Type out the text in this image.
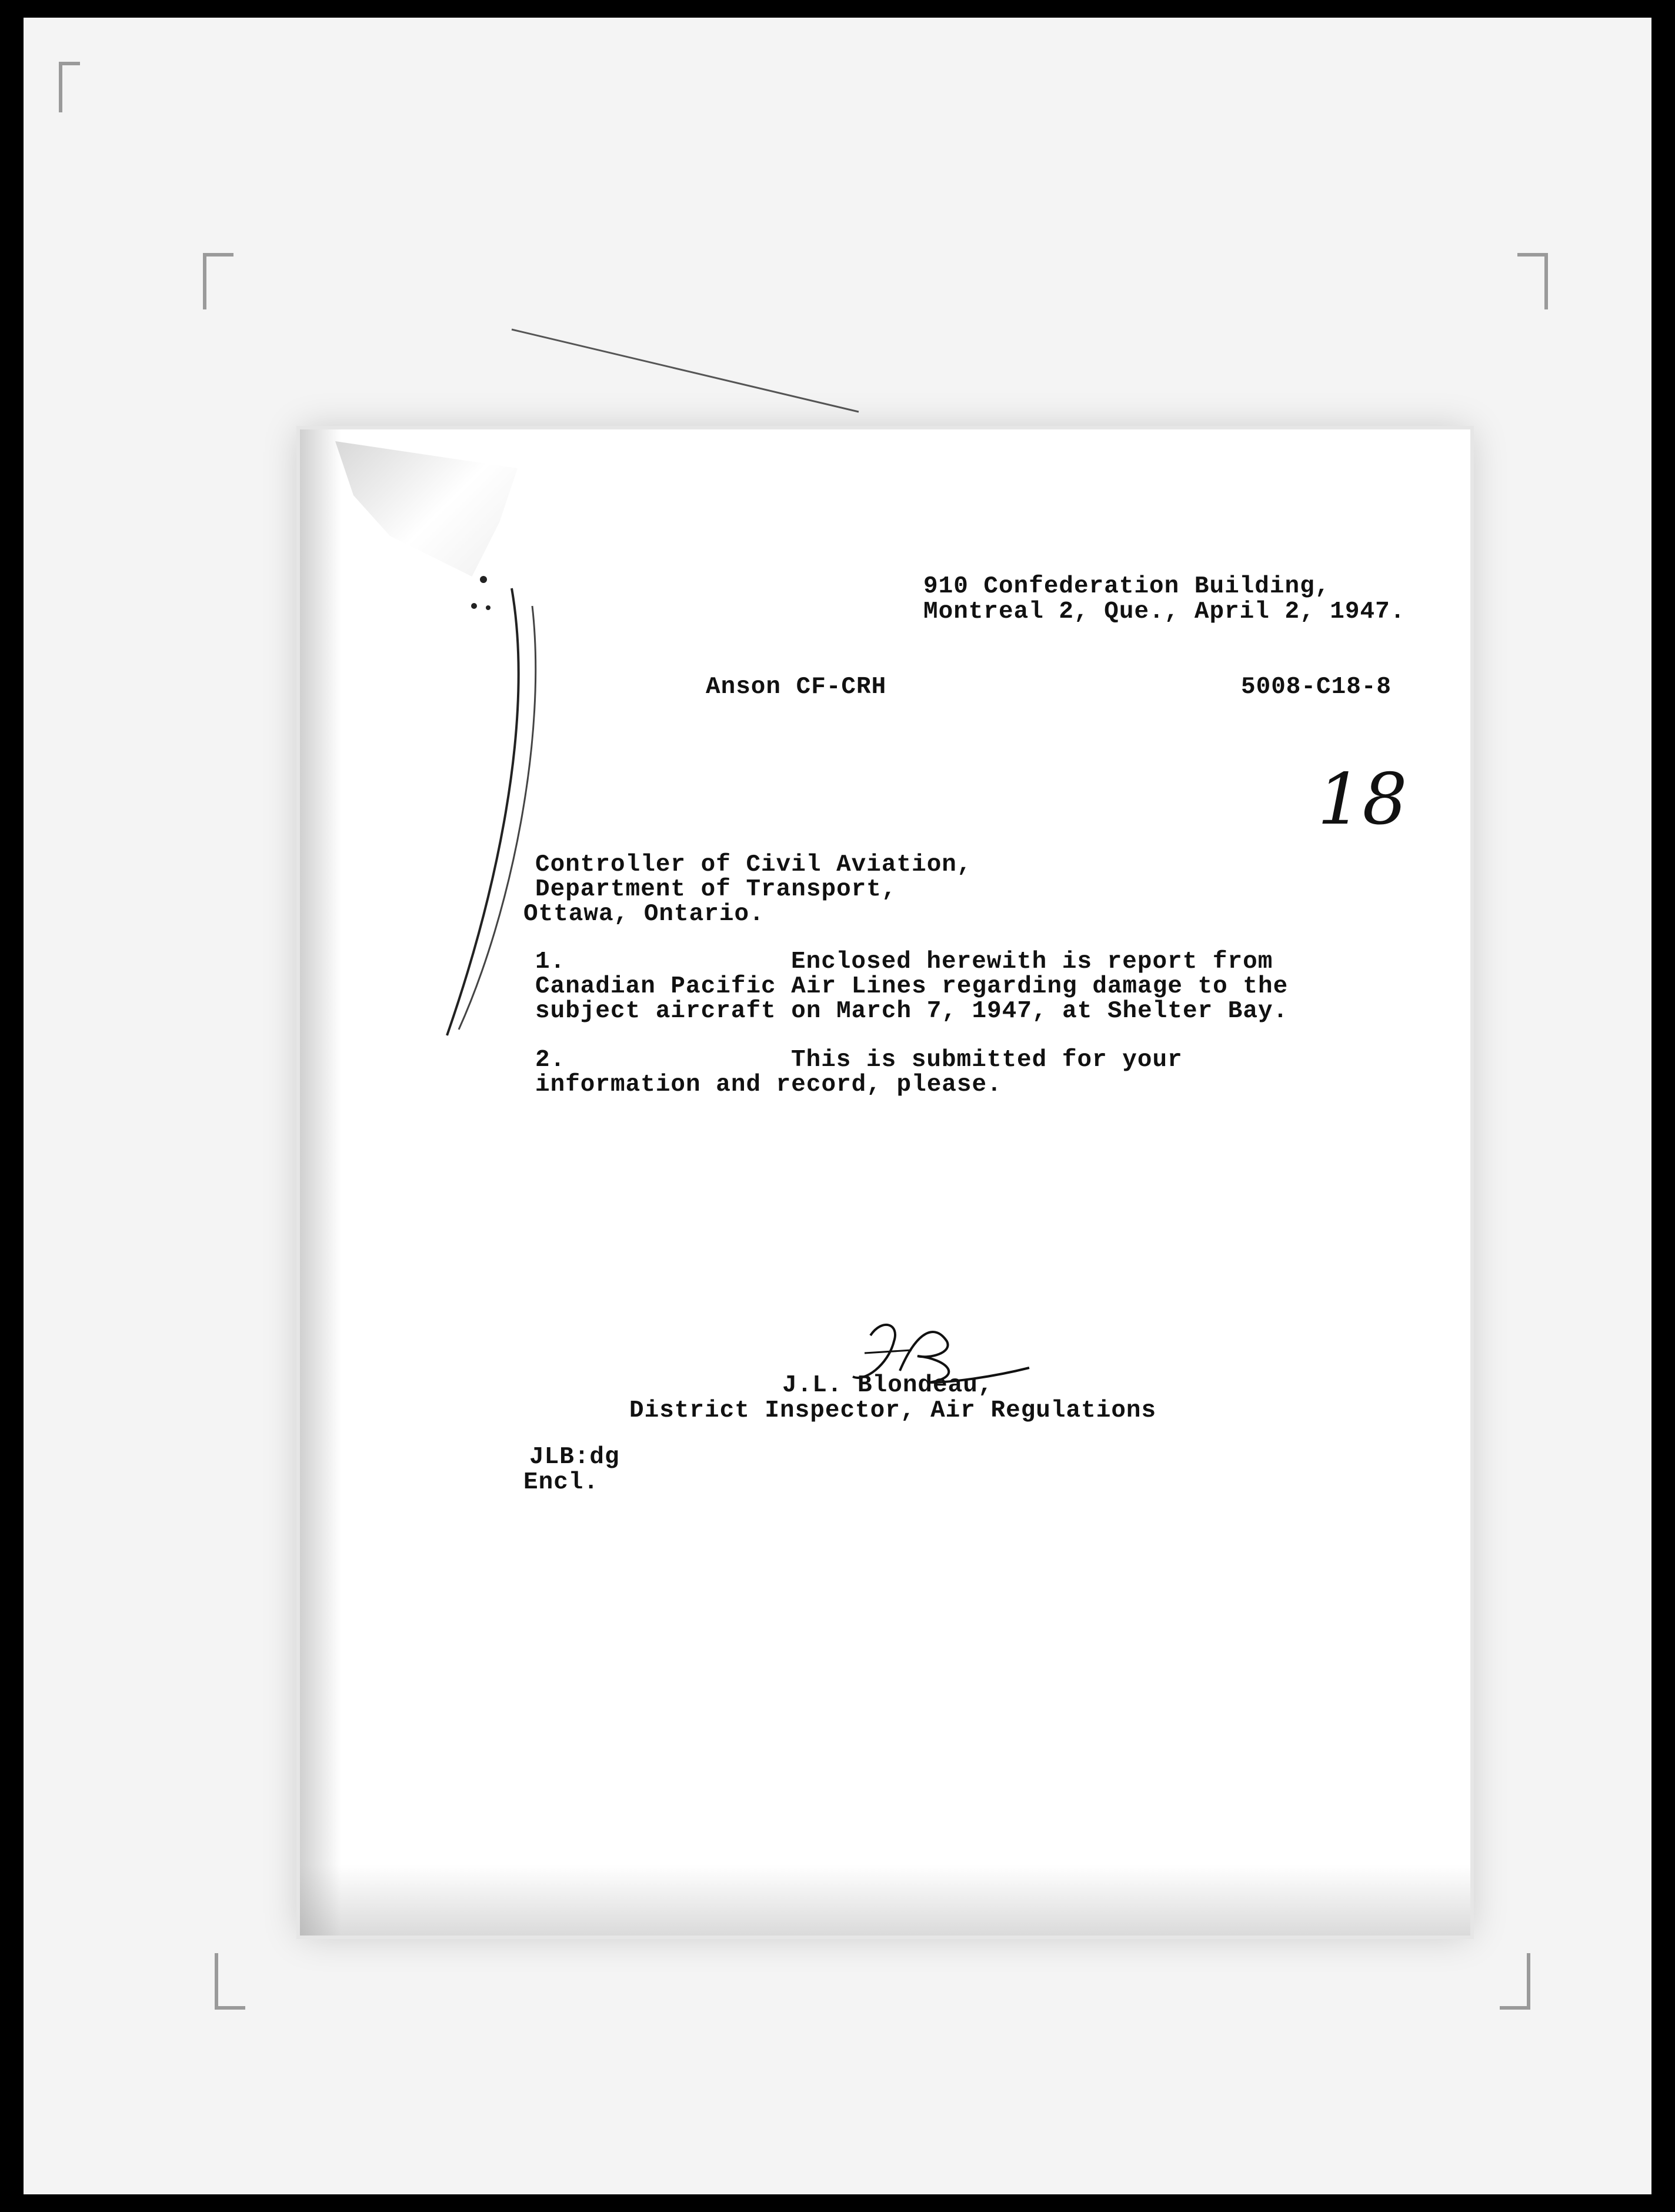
18
910 Confederation Building,
Montreal 2, Que., April 2, 1947.
Anson CF-CRH	5008-C18-8
Controller of Civil Aviation,
Department of Transport,
Ottawa, Ontario.
1.	Enclosed herewith is report from
Canadian Pacific Air Lines regarding damage to the
subject aircraft on March 7, 1947, at Shelter Bay.
2.	This is submitted for your
information and record, please.
J.L. Blondeau,
District Inspector, Air Regulations
JLB:dg
Encl.
